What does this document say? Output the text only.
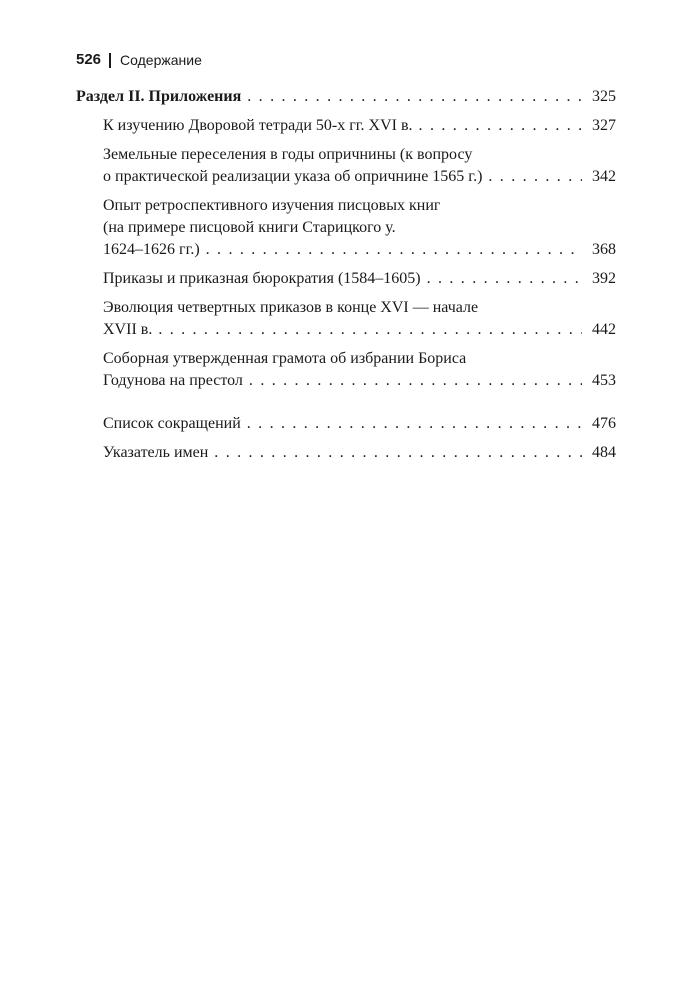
526 Содержание
Раздел II. Приложения . . .	325
К изучению Дворовой тетради 50-х гг. XVI в. . . .	327
Земельные переселения в годы опричнины (к вопросу
о практической реализации указа об опричнине 1565 г.) . . .	342
Опыт ретроспективного изучения писцовых книг
(на примере писцовой книги Старицкого у.
1624–1626 гг.) . . .	368
Приказы и приказная бюрократия (1584–1605) . . .	392
Эволюция четвертных приказов в конце XVI — начале
XVII в. . . .	442
Соборная утвержденная грамота об избрании Бориса
Годунова на престол . . .	453
Список сокращений . . .	476
Указатель имен . . .	484
